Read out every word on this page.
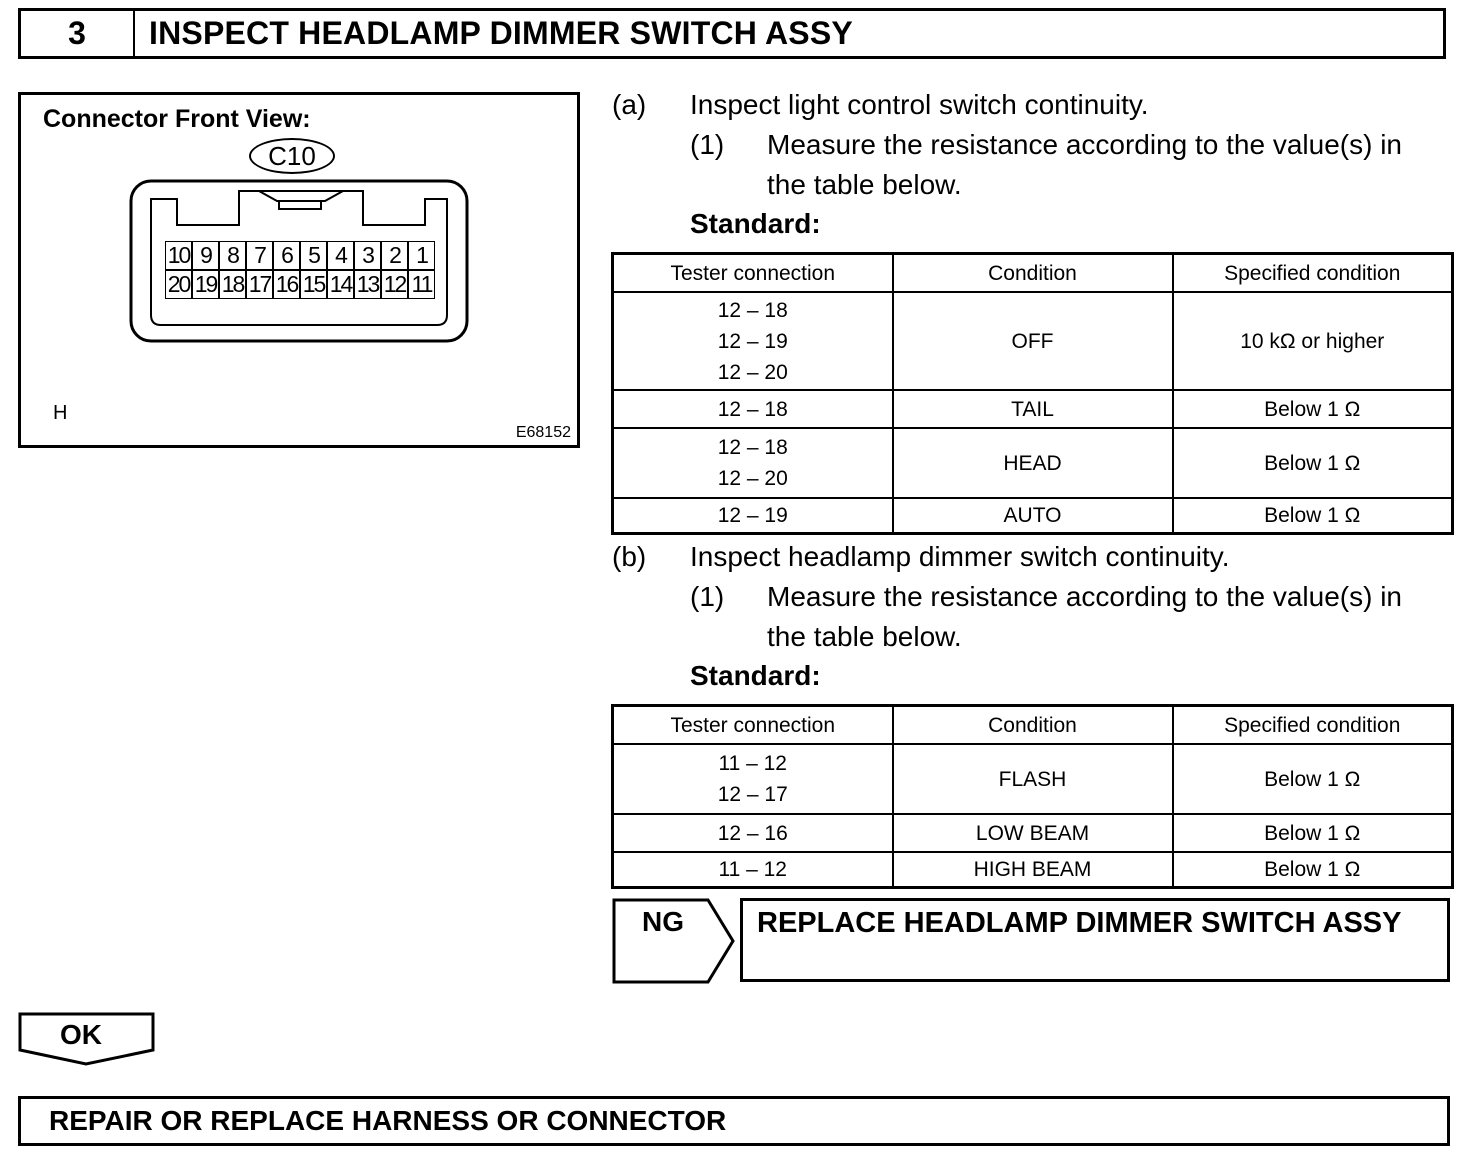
3	INSPECT HEADLAMP DIMMER SWITCH ASSY
Connector Front View:
C10
10 9 8 7 6 5 4 3 2 1
20 19 18 17 16 15 14 13 12 11
H
E68152
(a) Inspect light control switch continuity.
(1) Measure the resistance according to the value(s) in
the table below.
Standard:
Tester connection	Condition	Specified condition
12 – 18
12 – 19
12 – 20	OFF	10 kΩ or higher
12 – 18	TAIL	Below 1 Ω
12 – 18
12 – 20	HEAD	Below 1 Ω
12 – 19	AUTO	Below 1 Ω
(b) Inspect headlamp dimmer switch continuity.
(1) Measure the resistance according to the value(s) in
the table below.
Standard:
Tester connection	Condition	Specified condition
11 – 12
12 – 17	FLASH	Below 1 Ω
12 – 16	LOW BEAM	Below 1 Ω
11 – 12	HIGH BEAM	Below 1 Ω
NG	REPLACE HEADLAMP DIMMER SWITCH ASSY
OK
REPAIR OR REPLACE HARNESS OR CONNECTOR
